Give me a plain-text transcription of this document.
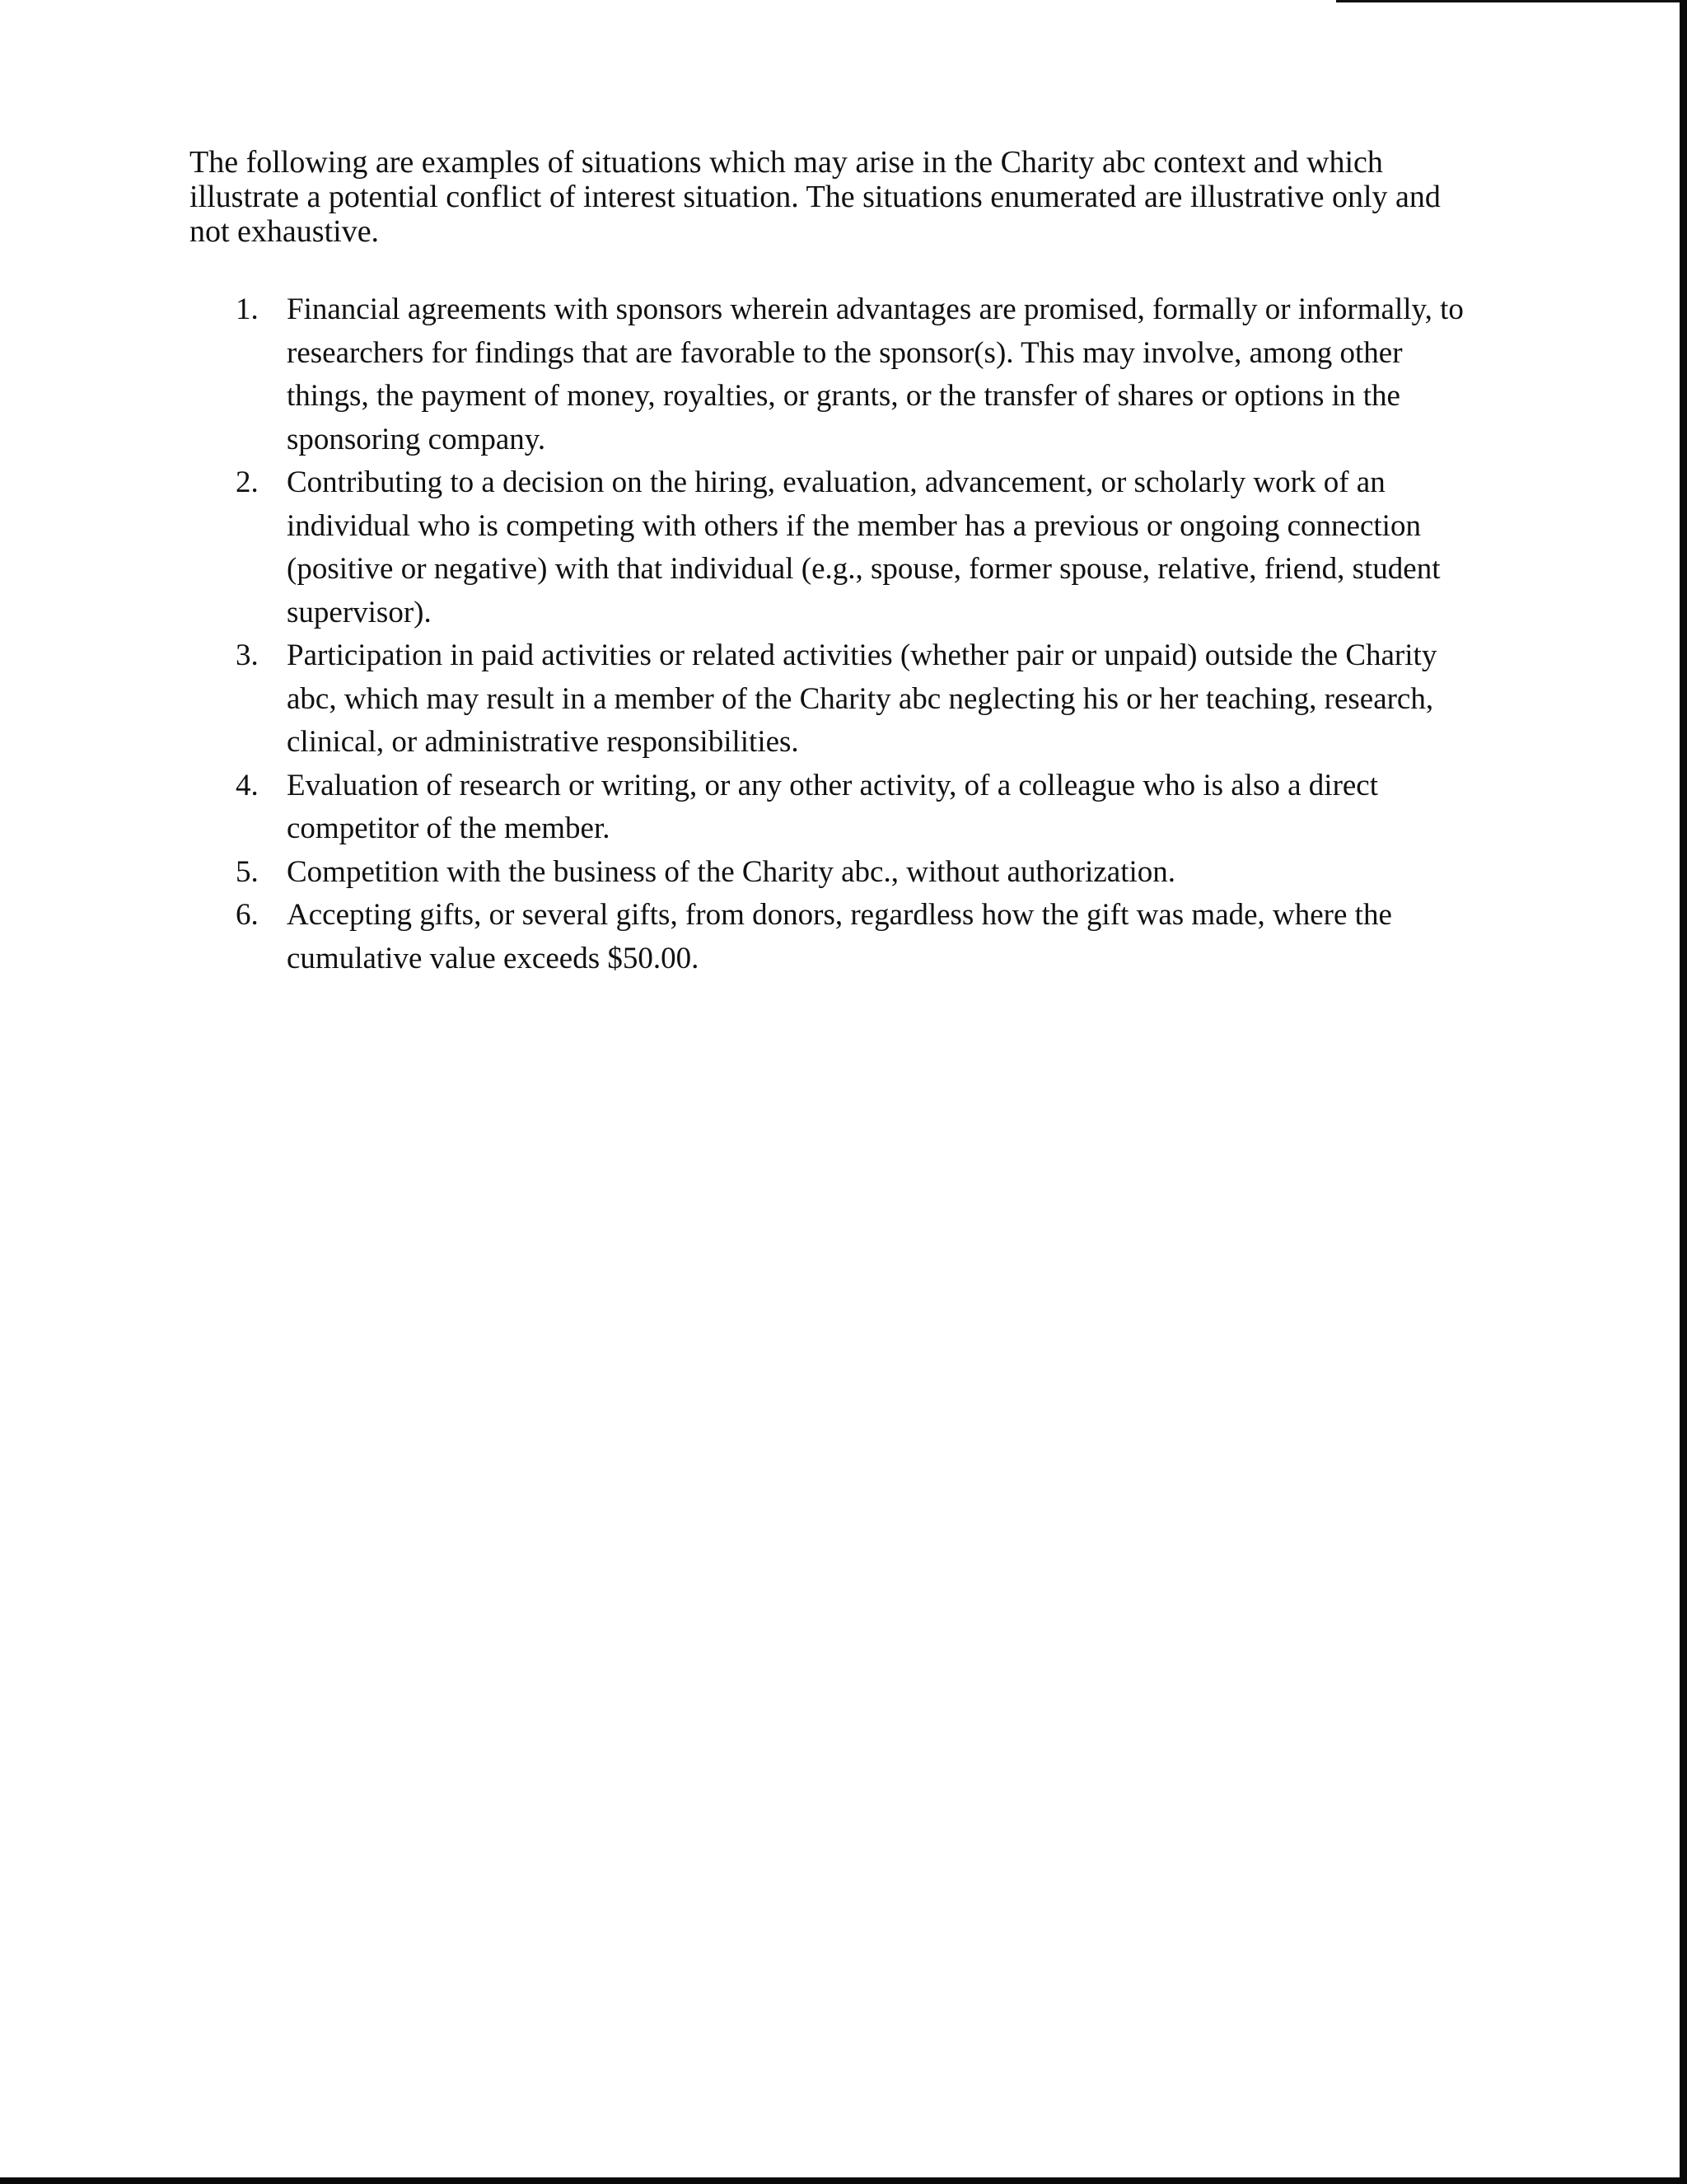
The following are examples of situations which may arise in the Charity abc context and which illustrate a potential conflict of interest situation. The situations enumerated are illustrative only and not exhaustive.

1. Financial agreements with sponsors wherein advantages are promised, formally or informally, to researchers for findings that are favorable to the sponsor(s). This may involve, among other things, the payment of money, royalties, or grants, or the transfer of shares or options in the sponsoring company.
2. Contributing to a decision on the hiring, evaluation, advancement, or scholarly work of an individual who is competing with others if the member has a previous or ongoing connection (positive or negative) with that individual (e.g., spouse, former spouse, relative, friend, student supervisor).
3. Participation in paid activities or related activities (whether pair or unpaid) outside the Charity abc, which may result in a member of the Charity abc neglecting his or her teaching, research, clinical, or administrative responsibilities.
4. Evaluation of research or writing, or any other activity, of a colleague who is also a direct competitor of the member.
5. Competition with the business of the Charity abc., without authorization.
6. Accepting gifts, or several gifts, from donors, regardless how the gift was made, where the cumulative value exceeds $50.00.
